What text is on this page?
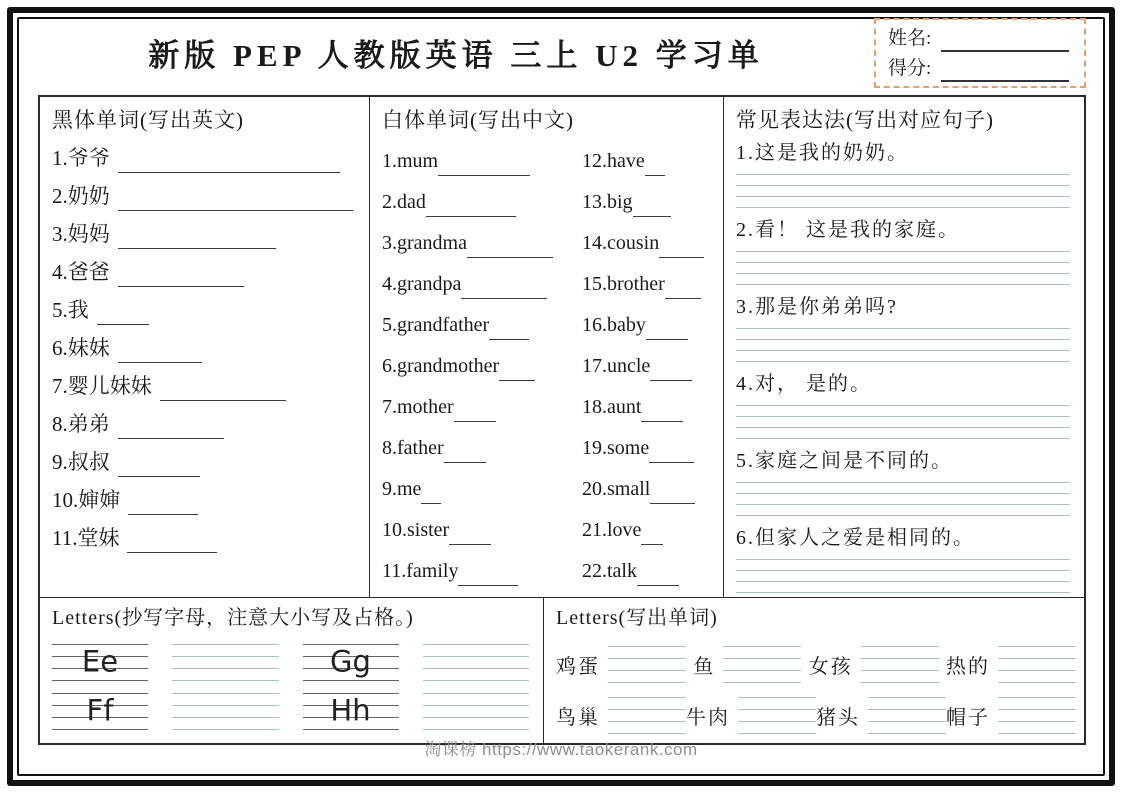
新版 PEP 人教版英语 三上 U2 学习单	姓名:
得分:
黑体单词(写出英文)
1.爷爷
2.奶奶
3.妈妈
4.爸爸
5.我
6.妹妹
7.婴儿妹妹
8.弟弟
9.叔叔
10.婶婶
11.堂妹
白体单词(写出中文)
1.mum
2.dad
3.grandma
4.grandpa
5.grandfather
6.grandmother
7.mother
8.father
9.me
10.sister
11.family
12.have
13.big
14.cousin
15.brother
16.baby
17.uncle
18.aunt
19.some
20.small
21.love
22.talk
常见表达法(写出对应句子)
1.这是我的奶奶。
2.看！ 这是我的家庭。
3.那是你弟弟吗?
4.对， 是的。
5.家庭之间是不同的。
6.但家人之爱是相同的。
Letters(抄写字母，注意大小写及占格。)
Ee	Gg
Ff	Hh
Letters(写出单词)
鸡蛋	鱼	女孩	热的
鸟巢	牛肉	猪头	帽子
淘课榜 https://www.taokerank.com
